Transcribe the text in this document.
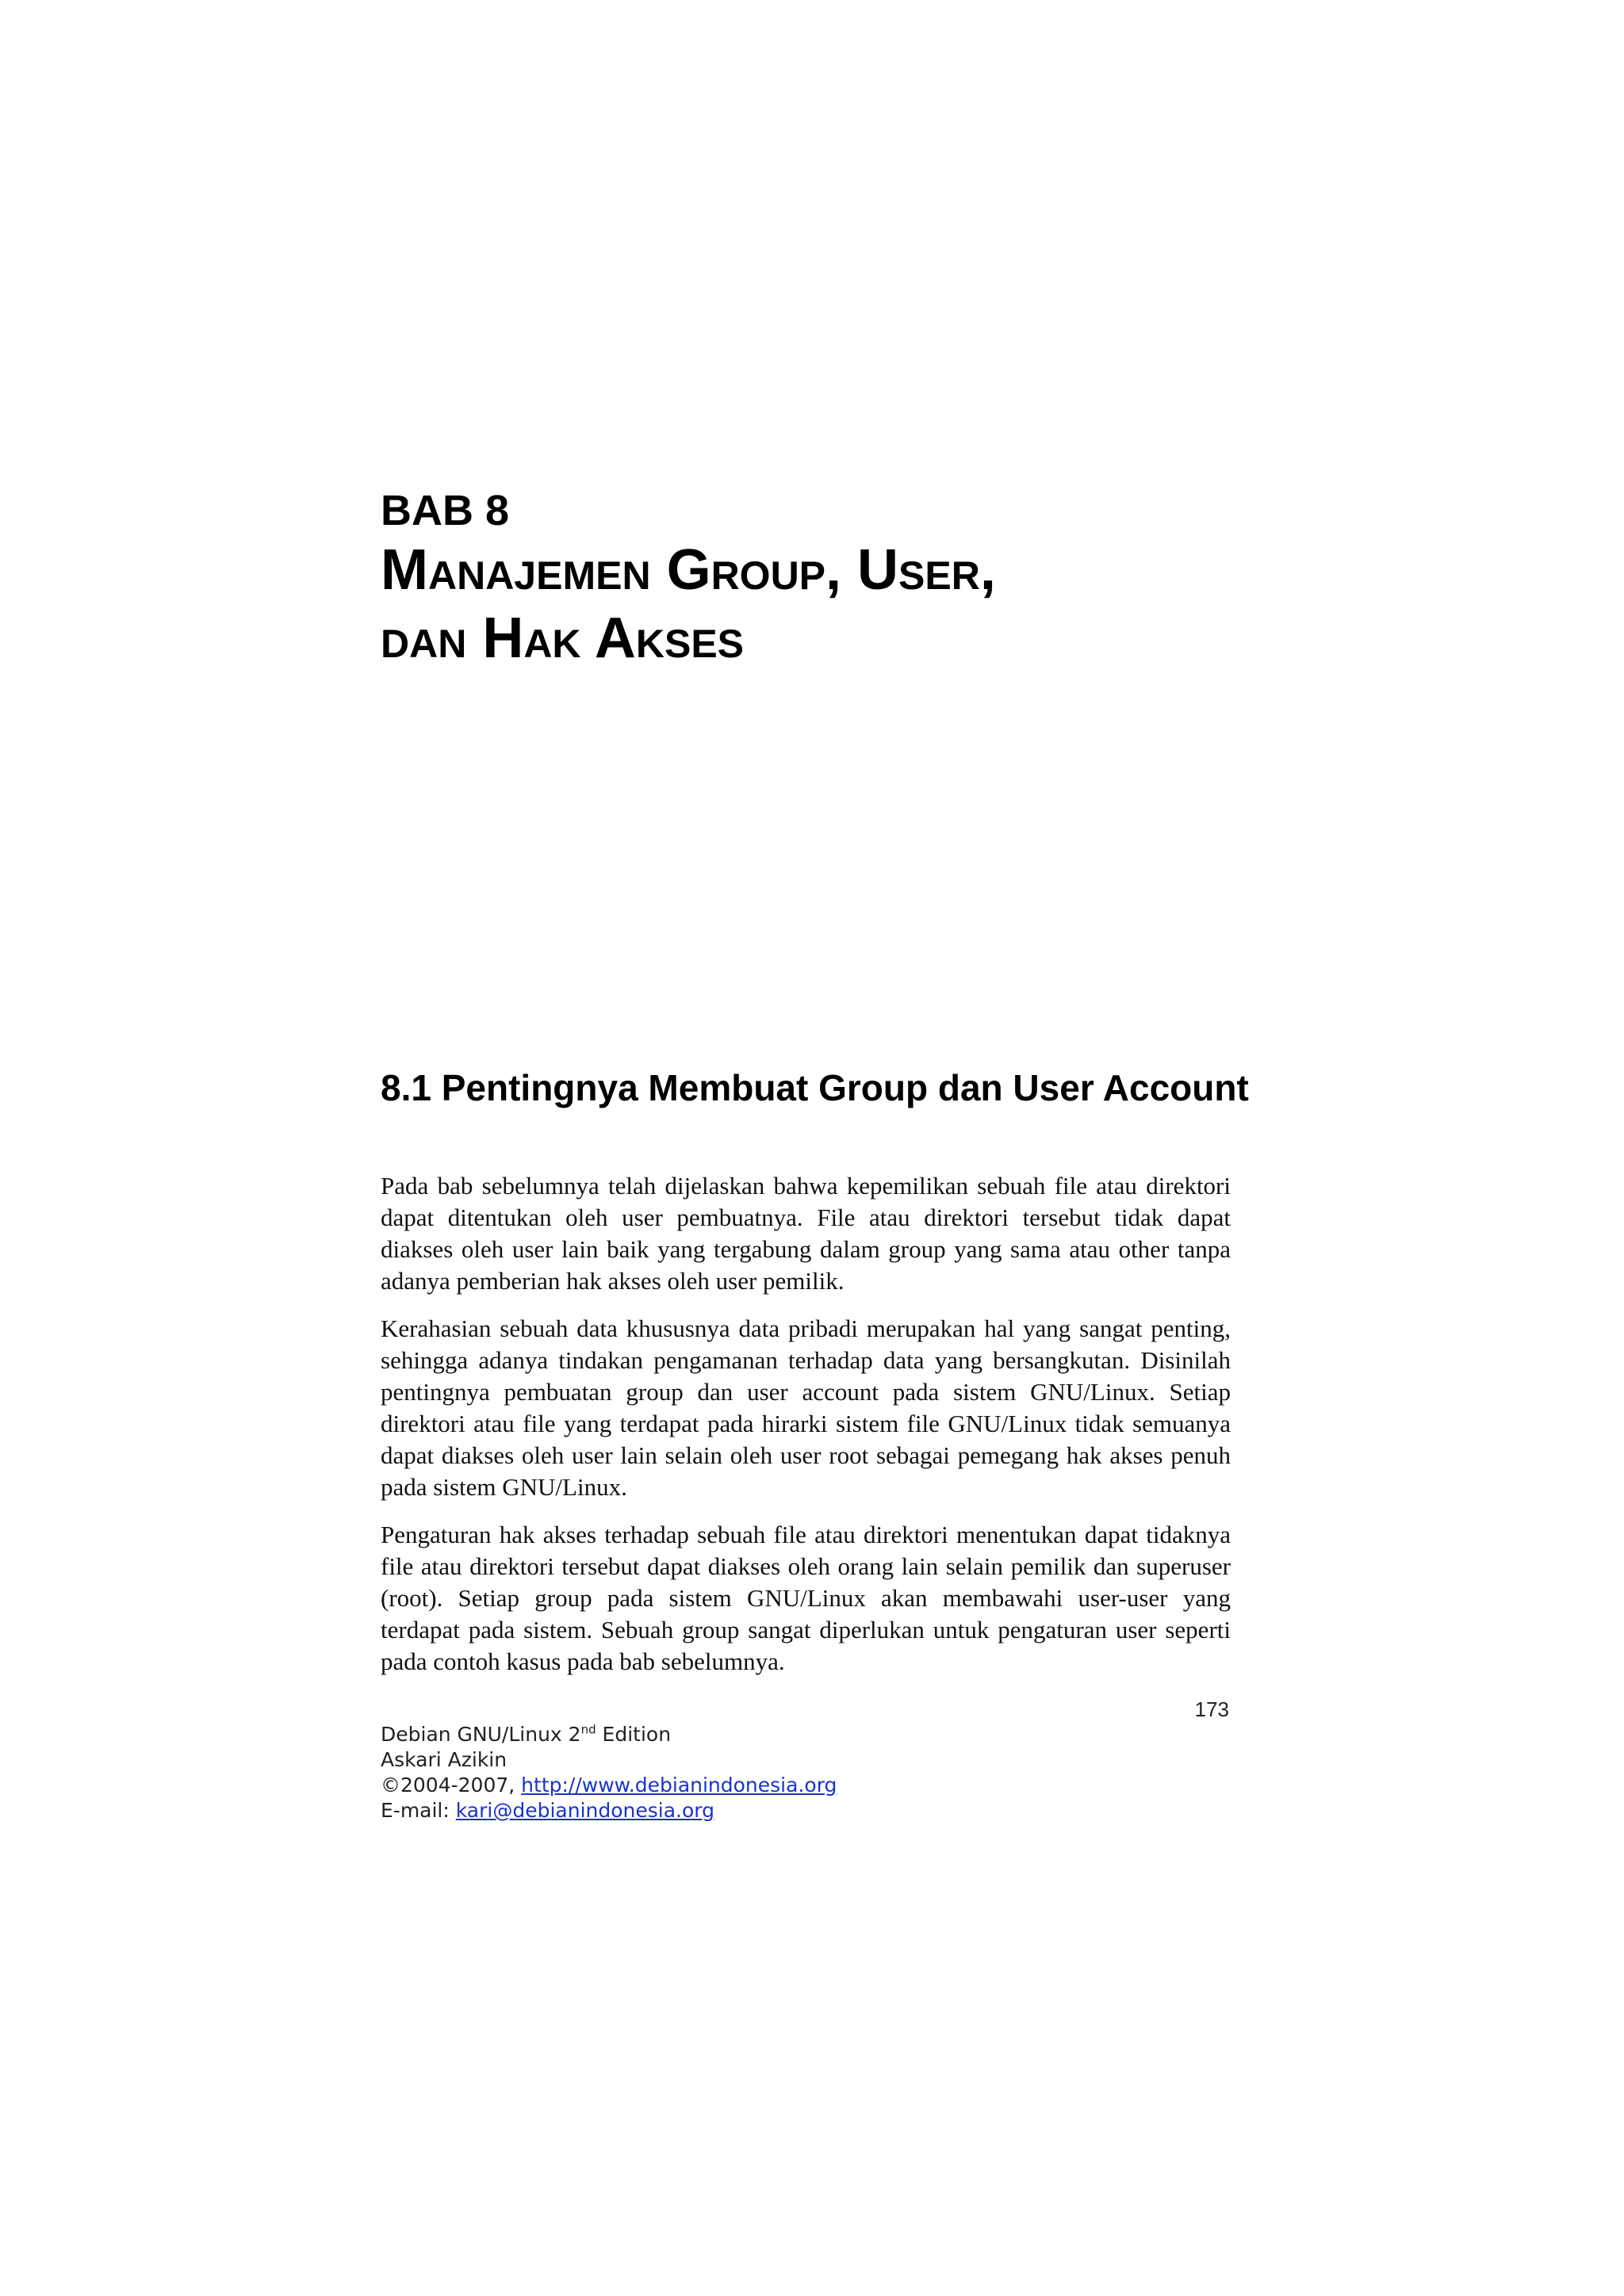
BAB 8
Manajemen Group, User,
dan Hak Akses
8.1 Pentingnya Membuat Group dan User Account

Pada bab sebelumnya telah dijelaskan bahwa kepemilikan sebuah file atau direktori dapat ditentukan oleh user pembuatnya. File atau direktori tersebut tidak dapat diakses oleh user lain baik yang tergabung dalam group yang sama atau other tanpa adanya pemberian hak akses oleh user pemilik.

Kerahasian sebuah data khususnya data pribadi merupakan hal yang sangat penting, sehingga adanya tindakan pengamanan terhadap data yang bersangkutan. Disinilah pentingnya pembuatan group dan user account pada sistem GNU/Linux. Setiap direktori atau file yang terdapat pada hirarki sistem file GNU/Linux tidak semuanya dapat diakses oleh user lain selain oleh user root sebagai pemegang hak akses penuh pada sistem GNU/Linux.

Pengaturan hak akses terhadap sebuah file atau direktori menentukan dapat tidaknya file atau direktori tersebut dapat diakses oleh orang lain selain pemilik dan superuser (root). Setiap group pada sistem GNU/Linux akan membawahi user-user yang terdapat pada sistem. Sebuah group sangat diperlukan untuk pengaturan user seperti pada contoh kasus pada bab sebelumnya.

173
Debian GNU/Linux 2nd Edition
Askari Azikin
©2004-2007, http://www.debianindonesia.org
E-mail: kari@debianindonesia.org
